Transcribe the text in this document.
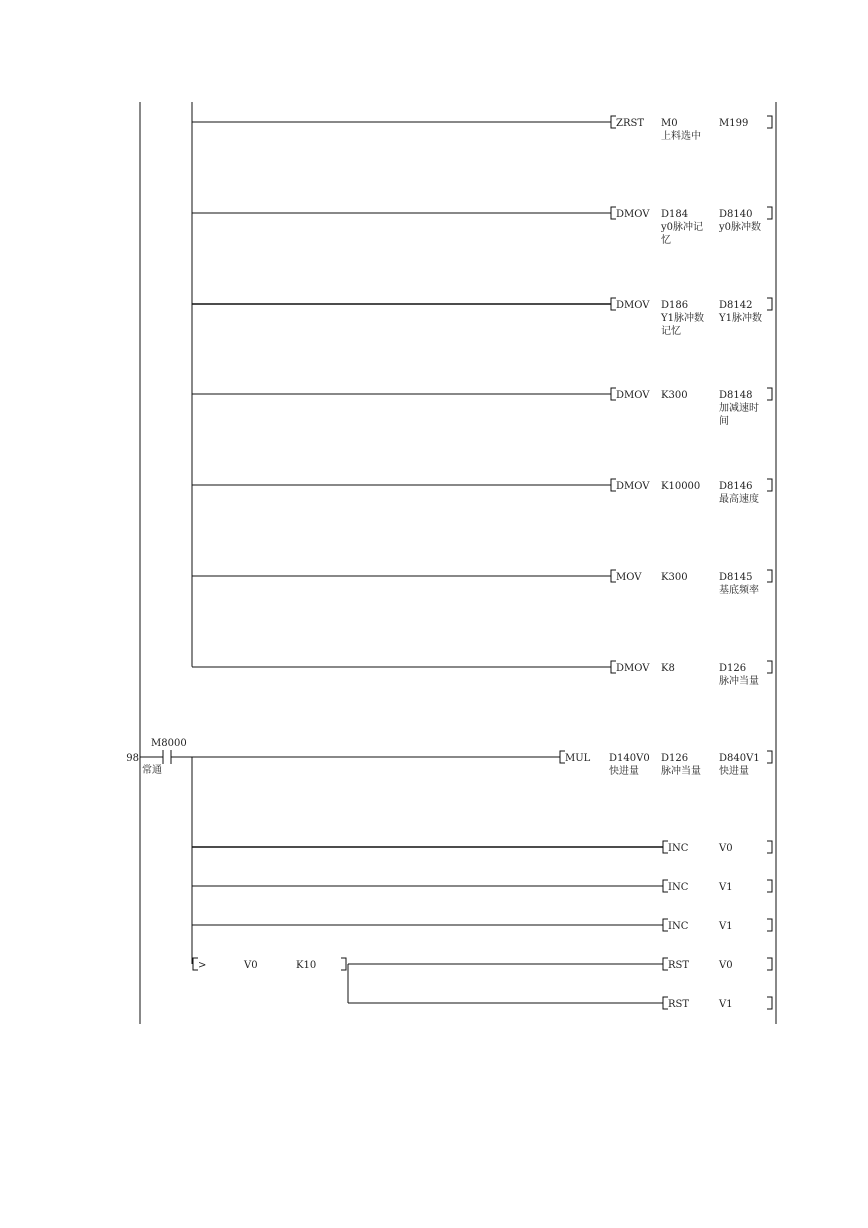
ZRST M0
上料选中
M199
DMOV D184
y0脉冲记
忆
D8140
y0脉冲数
DMOV D186
Y1脉冲数
记忆
D8142
Y1脉冲数
DMOV K300	D8148
加减速时
间
DMOV K10000 D8146
最高速度
MOV K300	D8145
基底频率
DMOV K8	D126
脉冲当量
98
M8000
常通
MUL D140V0
快进量
D126
脉冲当量
D840V1
快进量
INC	V0
INC	V1
INC	V1
>	V0	K10	RST	V0
RST	V1
